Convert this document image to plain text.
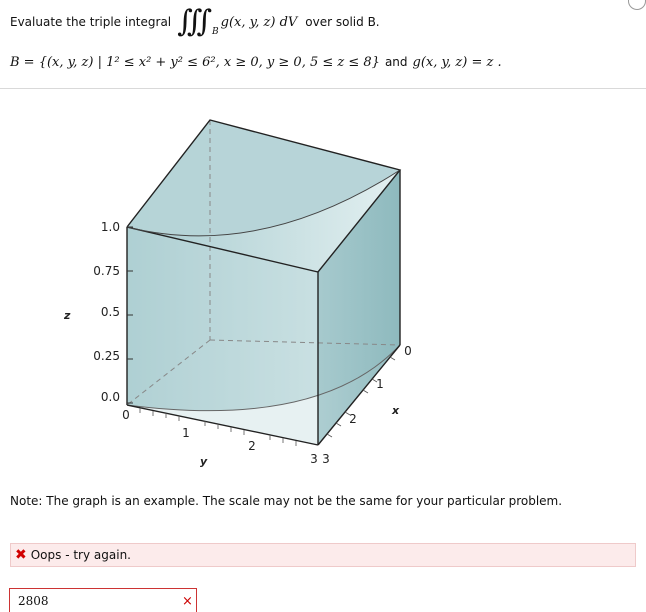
Evaluate the triple integral ∫∫∫ B
g(x, y, z) dV over solid B.
B = {(x, y, z) | 1² ≤ x² + y² ≤ 6², x ≥ 0, y ≥ 0, 5 ≤ z ≤ 8} and g(x, y, z) = z .
1.0
0.75
0.5
0.25
0.0
z
0
1
2
3
y
0
1
2
3
x
Note: The graph is an example. The scale may not be the same for your particular problem.
✖ Oops - try again.
2808	×
